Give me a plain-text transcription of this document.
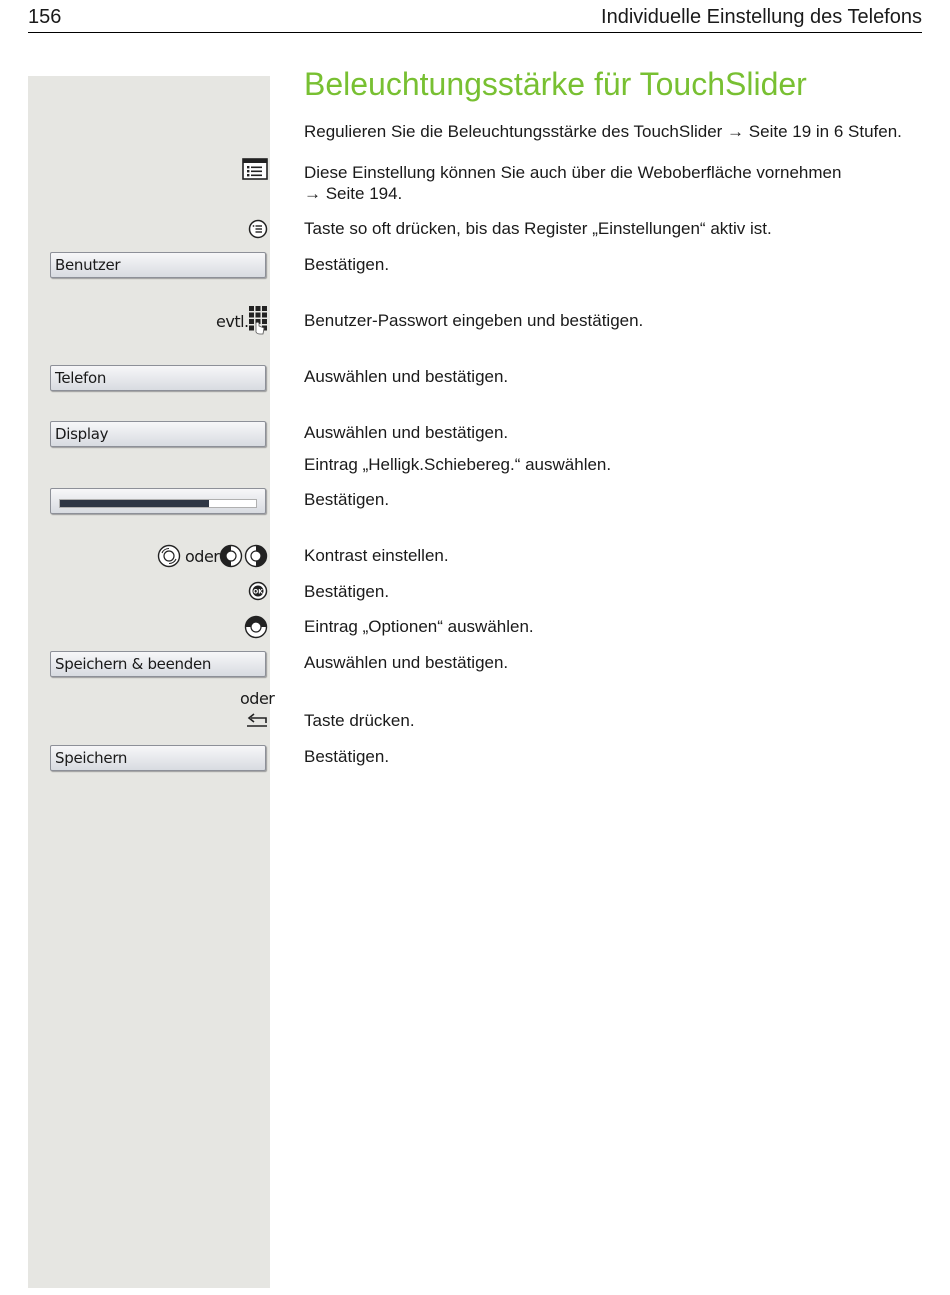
156	Individuelle Einstellung des Telefons
Beleuchtungsstärke für TouchSlider
Regulieren Sie die Beleuchtungsstärke des TouchSlider → Seite 19 in 6 Stufen.
Diese Einstellung können Sie auch über die Weboberfläche vornehmen
→ Seite 194.
Taste so oft drücken, bis das Register „Einstellungen“ aktiv ist.
Bestätigen.
Benutzer-Passwort eingeben und bestätigen.
Auswählen und bestätigen.
Auswählen und bestätigen.
Eintrag „Helligk.Schiebereg.“ auswählen.
Bestätigen.
Kontrast einstellen.
Bestätigen.
Eintrag „Optionen“ auswählen.
Auswählen und bestätigen.
Taste drücken.
Bestätigen.
Benutzer
evtl.
Telefon
Display
oder
OK
Speichern & beenden
oder
Speichern
